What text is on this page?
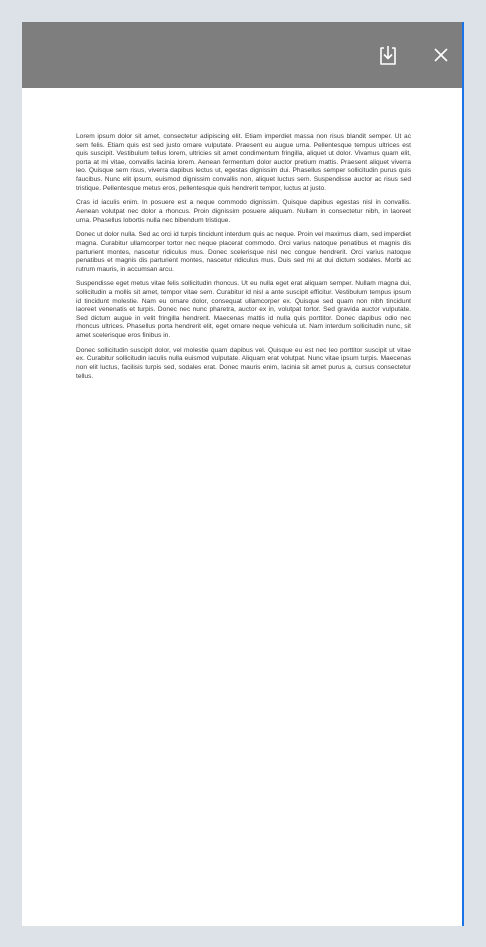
Lorem ipsum dolor sit amet, consectetur adipiscing elit. Etiam imperdiet massa non risus blandit semper. Ut ac sem felis. Etiam quis est sed justo ornare vulputate. Praesent eu augue urna. Pellentesque tempus ultrices est quis suscipit. Vestibulum tellus lorem, ultricies sit amet condimentum fringilla, aliquet ut dolor. Vivamus quam elit, porta at mi vitae, convallis lacinia lorem. Aenean fermentum dolor auctor pretium mattis. Praesent aliquet viverra leo. Quisque sem risus, viverra dapibus lectus ut, egestas dignissim dui. Phasellus semper sollicitudin purus quis faucibus. Nunc elit ipsum, euismod dignissim convallis non, aliquet luctus sem. Suspendisse auctor ac risus sed tristique. Pellentesque metus eros, pellentesque quis hendrerit tempor, luctus at justo.

Cras id iaculis enim. In posuere est a neque commodo dignissim. Quisque dapibus egestas nisl in convallis. Aenean volutpat nec dolor a rhoncus. Proin dignissim posuere aliquam. Nullam in consectetur nibh, in laoreet urna. Phasellus lobortis nulla nec bibendum tristique.

Donec ut dolor nulla. Sed ac orci id turpis tincidunt interdum quis ac neque. Proin vel maximus diam, sed imperdiet magna. Curabitur ullamcorper tortor nec neque placerat commodo. Orci varius natoque penatibus et magnis dis parturient montes, nascetur ridiculus mus. Donec scelerisque nisl nec congue hendrerit. Orci varius natoque penatibus et magnis dis parturient montes, nascetur ridiculus mus. Duis sed mi at dui dictum sodales. Morbi ac rutrum mauris, in accumsan arcu.

Suspendisse eget metus vitae felis sollicitudin rhoncus. Ut eu nulla eget erat aliquam semper. Nullam magna dui, sollicitudin a mollis sit amet, tempor vitae sem. Curabitur id nisl a ante suscipit efficitur. Vestibulum tempus ipsum id tincidunt molestie. Nam eu ornare dolor, consequat ullamcorper ex. Quisque sed quam non nibh tincidunt laoreet venenatis et turpis. Donec nec nunc pharetra, auctor ex in, volutpat tortor. Sed gravida auctor vulputate. Sed dictum augue in velit fringilla hendrerit. Maecenas mattis id nulla quis porttitor. Donec dapibus odio nec rhoncus ultrices. Phasellus porta hendrerit elit, eget ornare neque vehicula ut. Nam interdum sollicitudin nunc, sit amet scelerisque eros finibus in.

Donec sollicitudin suscipit dolor, vel molestie quam dapibus vel. Quisque eu est nec leo porttitor suscipit ut vitae ex. Curabitur sollicitudin iaculis nulla euismod vulputate. Aliquam erat volutpat. Nunc vitae ipsum turpis. Maecenas non elit luctus, facilisis turpis sed, sodales erat. Donec mauris enim, lacinia sit amet purus a, cursus consectetur tellus.
